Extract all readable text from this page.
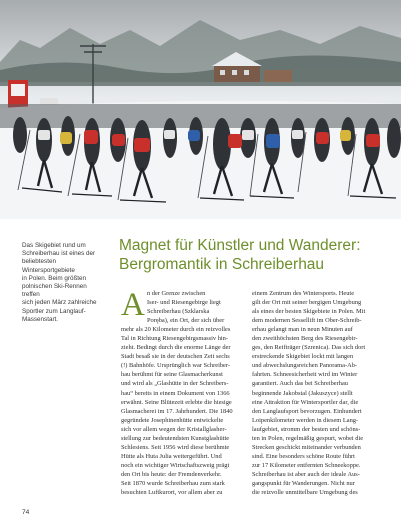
Das Skigebiet rund um
Schreiberhau ist eines der
beliebtesten Wintersportgebiete
in Polen. Beim größten
polnischen Ski-Rennen treffen
sich jeden März zahlreiche
Sportler zum Langlauf-
Massenstart.

Magnet für Künstler und Wanderer:
Bergromantik in Schreiberhau
A n der Grenze zwischen
Iser- und Riesengebirge liegt
Schreiberhau (Szklarska
Poręba), ein Ort, der sich über
mehr als 20 Kilometer durch ein reizvolles
Tal in Richtung Riesengebirgsmassiv hin-
zieht. Bedingt durch die enorme Länge der
Stadt besaß sie in der deutschen Zeit sechs
(!) Bahnhöfe. Ursprünglich war Schreiber-
hau berühmt für seine Glasmacherkunst
und wird als „Glashütte in der Schreibers-
hau“ bereits in einem Dokument von 1366
erwähnt. Seine Blütezeit erlebte die hiesige
Glasmacherei im 17. Jahrhundert. Die 1840
gegründete Josephinenhütte entwickelte
sich vor allem wegen der Kristallglasher-
stellung zur bedeutendsten Kunstglashütte
Schlesiens. Seit 1956 wird diese berühmte
Hütte als Huta Julia weitergeführt. Und
noch ein wichtiger Wirtschaftszweig prägt
den Ort bis heute: der Fremdenverkehr.
Seit 1870 wurde Schreiberhau zum stark
besuchten Luftkurort, vor allem aber zu
einem Zentrum des Wintersports. Heute
gilt der Ort mit seiner bergigen Umgebung
als eines der besten Skigebiete in Polen. Mit
dem modernen Sessellift im Ober-Schreib-
erhau gelangt man in neun Minuten auf
den zweithöchsten Berg des Riesengebir-
ges, den Reifträger (Szrenica). Das sich dort
erstreckende Skigebiet lockt mit langen
und abwechslungsreichen Panorama-Ab-
fahrten. Schneesicherheit wird im Winter
garantiert. Auch das bei Schreiberhau
beginnende Jakobstal (Jakuszyce) stellt
eine Attraktion für Wintersportler dar, die
den Langlaufsport bevorzugen. Einhundert
Loipenkilometer werden in diesem Lang-
laufgebiet, stromm der besten und schöns-
ten in Polen, regelmäßig gespurt, wobei die
Strecken geschickt miteinander verbunden
sind. Eine besonders schöne Route führt
zur 17 Kilometer entfernten Schneekoppe.
Schreiberhau ist aber auch der ideale Aus-
gangspunkt für Wanderungen. Nicht nur
die reizvolle unmittelbare Umgebung des
74
